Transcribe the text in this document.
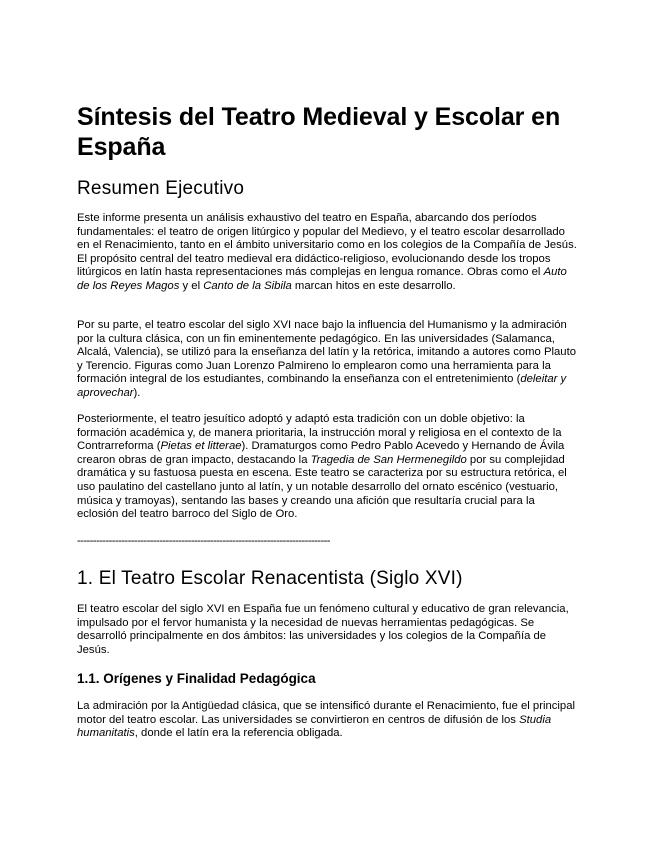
Síntesis del Teatro Medieval y Escolar en España
Resumen Ejecutivo

Este informe presenta un análisis exhaustivo del teatro en España, abarcando dos períodos fundamentales: el teatro de origen litúrgico y popular del Medievo, y el teatro escolar desarrollado en el Renacimiento, tanto en el ámbito universitario como en los colegios de la Compañía de Jesús. El propósito central del teatro medieval era didáctico-religioso, evolucionando desde los tropos litúrgicos en latín hasta representaciones más complejas en lengua romance. Obras como el Auto de los Reyes Magos y el Canto de la Sibila marcan hitos en este desarrollo.

Por su parte, el teatro escolar del siglo XVI nace bajo la influencia del Humanismo y la admiración por la cultura clásica, con un fin eminentemente pedagógico. En las universidades (Salamanca, Alcalá, Valencia), se utilizó para la enseñanza del latín y la retórica, imitando a autores como Plauto y Terencio. Figuras como Juan Lorenzo Palmireno lo emplearon como una herramienta para la formación integral de los estudiantes, combinando la enseñanza con el entretenimiento (deleitar y aprovechar).

Posteriormente, el teatro jesuítico adoptó y adaptó esta tradición con un doble objetivo: la formación académica y, de manera prioritaria, la instrucción moral y religiosa en el contexto de la Contrarreforma (Pietas et litterae). Dramaturgos como Pedro Pablo Acevedo y Hernando de Ávila crearon obras de gran impacto, destacando la Tragedia de San Hermenegildo por su complejidad dramática y su fastuosa puesta en escena. Este teatro se caracteriza por su estructura retórica, el uso paulatino del castellano junto al latín, y un notable desarrollo del ornato escénico (vestuario, música y tramoyas), sentando las bases y creando una afición que resultaría crucial para la eclosión del teatro barroco del Siglo de Oro.

--------------------------------------------------------------------------------

1. El Teatro Escolar Renacentista (Siglo XVI)

El teatro escolar del siglo XVI en España fue un fenómeno cultural y educativo de gran relevancia, impulsado por el fervor humanista y la necesidad de nuevas herramientas pedagógicas. Se desarrolló principalmente en dos ámbitos: las universidades y los colegios de la Compañía de Jesús.

1.1. Orígenes y Finalidad Pedagógica

La admiración por la Antigüedad clásica, que se intensificó durante el Renacimiento, fue el principal motor del teatro escolar. Las universidades se convirtieron en centros de difusión de los Studia humanitatis, donde el latín era la referencia obligada.
